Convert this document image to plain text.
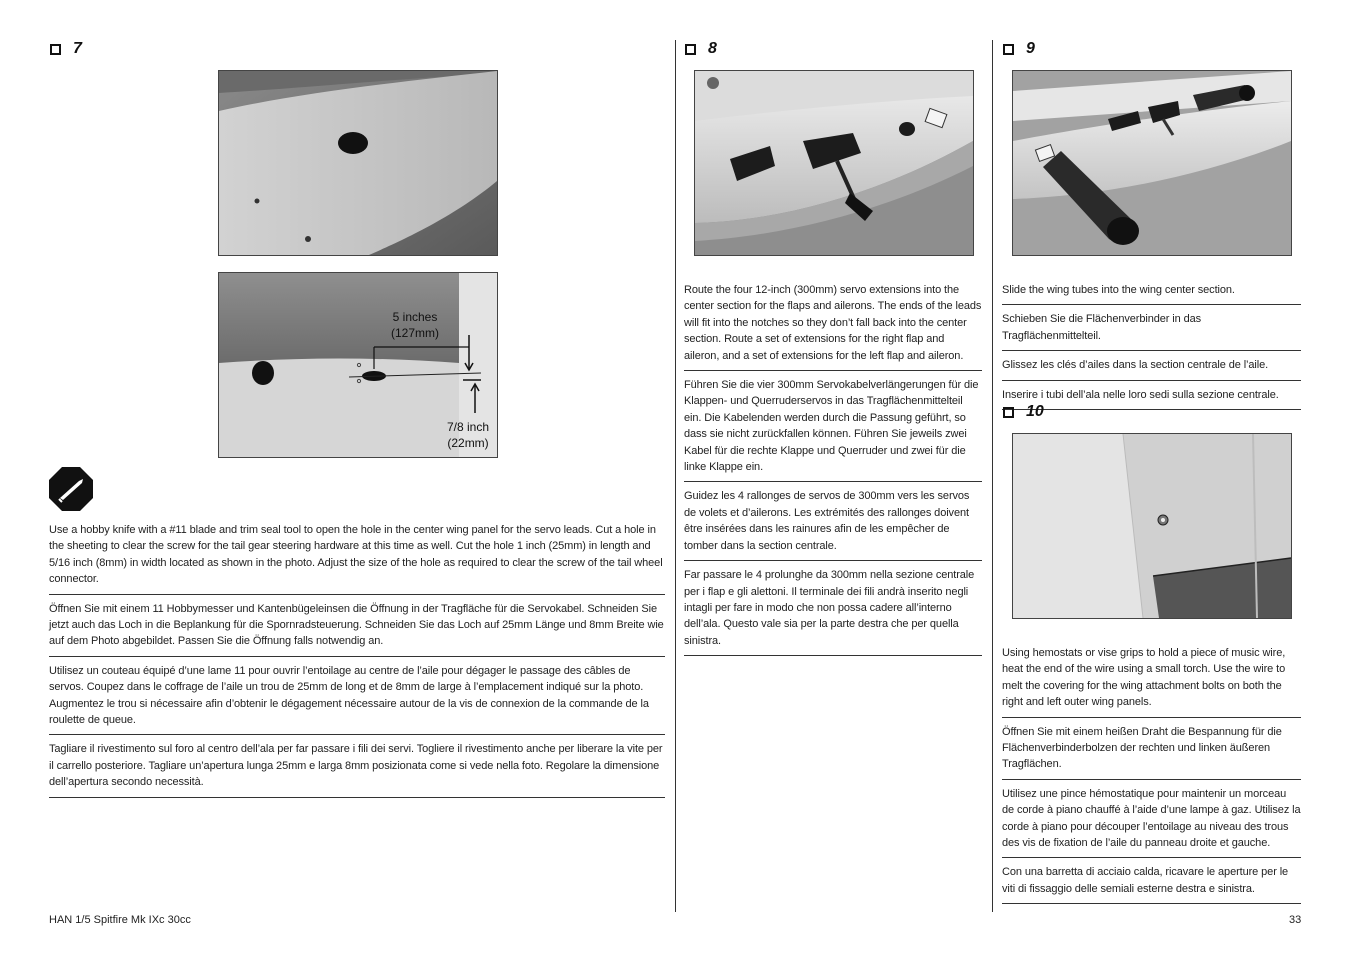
7
5 inches
(127mm)
7/8 inch
(22mm)

Use a hobby knife with a #11 blade and trim seal tool to open the hole in the center wing panel for the servo leads. Cut a hole in the sheeting to clear the screw for the tail gear steering hardware at this time as well. Cut the hole 1 inch (25mm) in length and 5/16 inch (8mm) in width located as shown in the photo. Adjust the size of the hole as required to clear the screw of the tail wheel connector.

Öffnen Sie mit einem 11 Hobbymesser und Kantenbügeleinsen die Öffnung in der Tragfläche für die Servokabel. Schneiden Sie jetzt auch das Loch in die Beplankung für die Spornradsteuerung. Schneiden Sie das Loch auf 25mm Länge und 8mm Breite wie auf dem Photo abgebildet. Passen Sie die Öffnung falls notwendig an.

Utilisez un couteau équipé d’une lame 11 pour ouvrir l’entoilage au centre de l’aile pour dégager le passage des câbles de servos. Coupez dans le coffrage de l’aile un trou de 25mm de long et de 8mm de large à l’emplacement indiqué sur la photo. Augmentez le trou si nécessaire afin d’obtenir le dégagement nécessaire autour de la vis de connexion de la commande de la roulette de queue.

Tagliare il rivestimento sul foro al centro dell’ala per far passare i fili dei servi. Togliere il rivestimento anche per liberare la vite per il carrello posteriore. Tagliare un’apertura lunga 25mm e larga 8mm posizionata come si vede nella foto. Regolare la dimensione dell’apertura secondo necessità.

8

Route the four 12-inch (300mm) servo extensions into the center section for the flaps and ailerons. The ends of the leads will fit into the notches so they don’t fall back into the center section. Route a set of extensions for the right flap and aileron, and a set of extensions for the left flap and aileron.

Führen Sie die vier 300mm Servokabelverlängerungen für die Klappen- und Querruderservos in das Tragflächenmittelteil ein. Die Kabelenden werden durch die Passung geführt, so dass sie nicht zurückfallen können. Führen Sie jeweils zwei Kabel für die rechte Klappe und Querruder und zwei für die linke Klappe ein.

Guidez les 4 rallonges de servos de 300mm vers les servos de volets et d’ailerons. Les extrémités des rallonges doivent être insérées dans les rainures afin de les empêcher de tomber dans la section centrale.

Far passare le 4 prolunghe da 300mm nella sezione centrale per i flap e gli alettoni. Il terminale dei fili andrà inserito negli intagli per fare in modo che non possa cadere all’interno dell’ala. Questo vale sia per la parte destra che per quella sinistra.

9

Slide the wing tubes into the wing center section.

Schieben Sie die Flächenverbinder in das Tragflächenmittelteil.

Glissez les clés d’ailes dans la section centrale de l’aile.

Inserire i tubi dell’ala nelle loro sedi sulla sezione centrale.

10

Using hemostats or vise grips to hold a piece of music wire, heat the end of the wire using a small torch. Use the wire to melt the covering for the wing attachment bolts on both the right and left outer wing panels.

Öffnen Sie mit einem heißen Draht die Bespannung für die Flächenverbinderbolzen der rechten und linken äußeren Tragflächen.

Utilisez une pince hémostatique pour maintenir un morceau de corde à piano chauffé à l’aide d’une lampe à gaz. Utilisez la corde à piano pour découper l’entoilage au niveau des trous des vis de fixation de l’aile du panneau droite et gauche.

Con una barretta di acciaio calda, ricavare le aperture per le viti di fissaggio delle semiali esterne destra e sinistra.

HAN 1/5 Spitfire Mk IXc 30cc	33
